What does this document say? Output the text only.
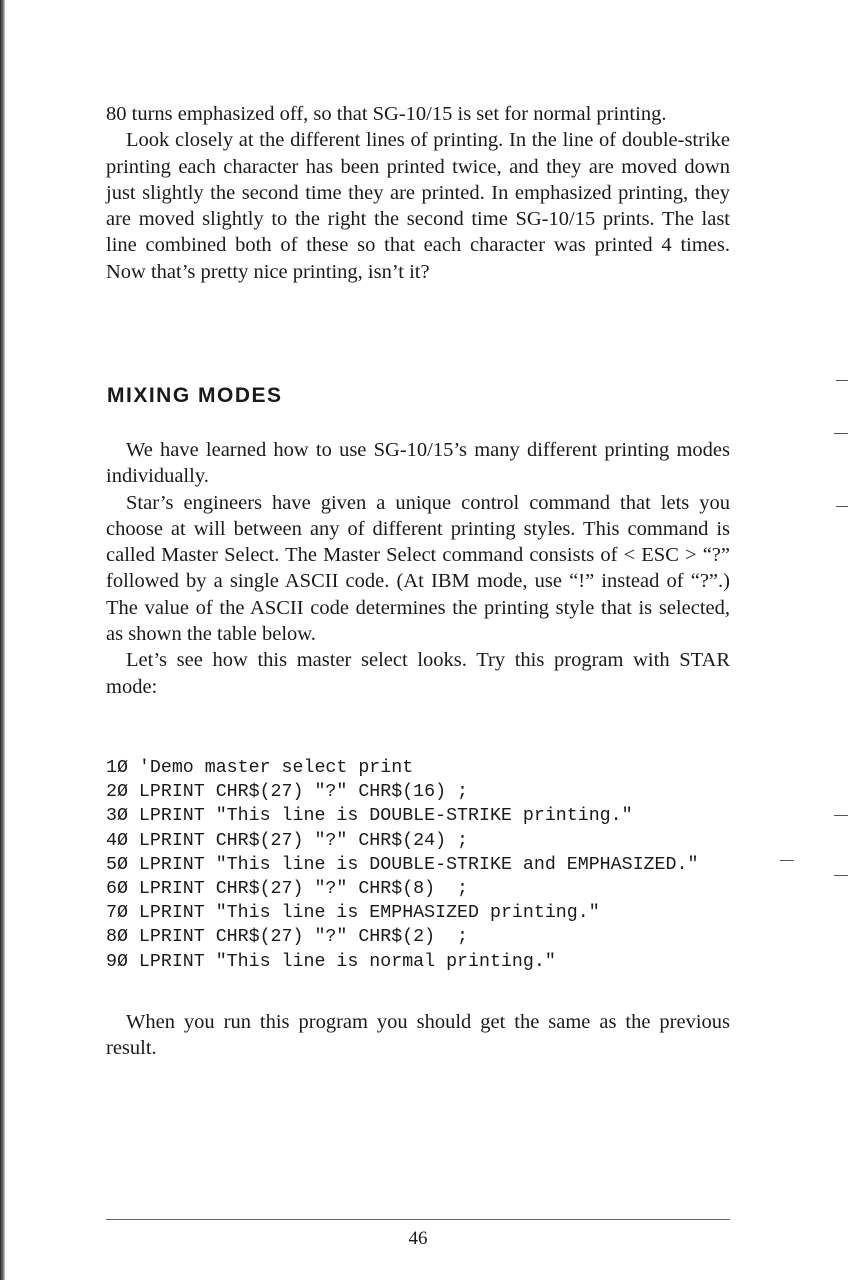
80 turns emphasized off, so that SG-10/15 is set for normal printing.

Look closely at the different lines of printing. In the line of double-strike printing each character has been printed twice, and they are moved down just slightly the second time they are printed. In emphasized printing, they are moved slightly to the right the second time SG-10/15 prints. The last line combined both of these so that each character was printed 4 times. Now that’s pretty nice printing, isn’t it?

MIXING MODES

We have learned how to use SG-10/15’s many different printing modes individually.

Star’s engineers have given a unique control command that lets you choose at will between any of different printing styles. This command is called Master Select. The Master Select command consists of < ESC > “?” followed by a single ASCII code. (At IBM mode, use “!” instead of “?”.) The value of the ASCII code determines the printing style that is selected, as shown the table below.

Let’s see how this master select looks. Try this program with STAR mode:

1Ø 'Demo master select print
2Ø LPRINT CHR$(27) "?" CHR$(16) ;
3Ø LPRINT "This line is DOUBLE-STRIKE printing."
4Ø LPRINT CHR$(27) "?" CHR$(24) ;
5Ø LPRINT "This line is DOUBLE-STRIKE and EMPHASIZED."
6Ø LPRINT CHR$(27) "?" CHR$(8)  ;
7Ø LPRINT "This line is EMPHASIZED printing."
8Ø LPRINT CHR$(27) "?" CHR$(2)  ;
9Ø LPRINT "This line is normal printing."

When you run this program you should get the same as the previous result.

46
